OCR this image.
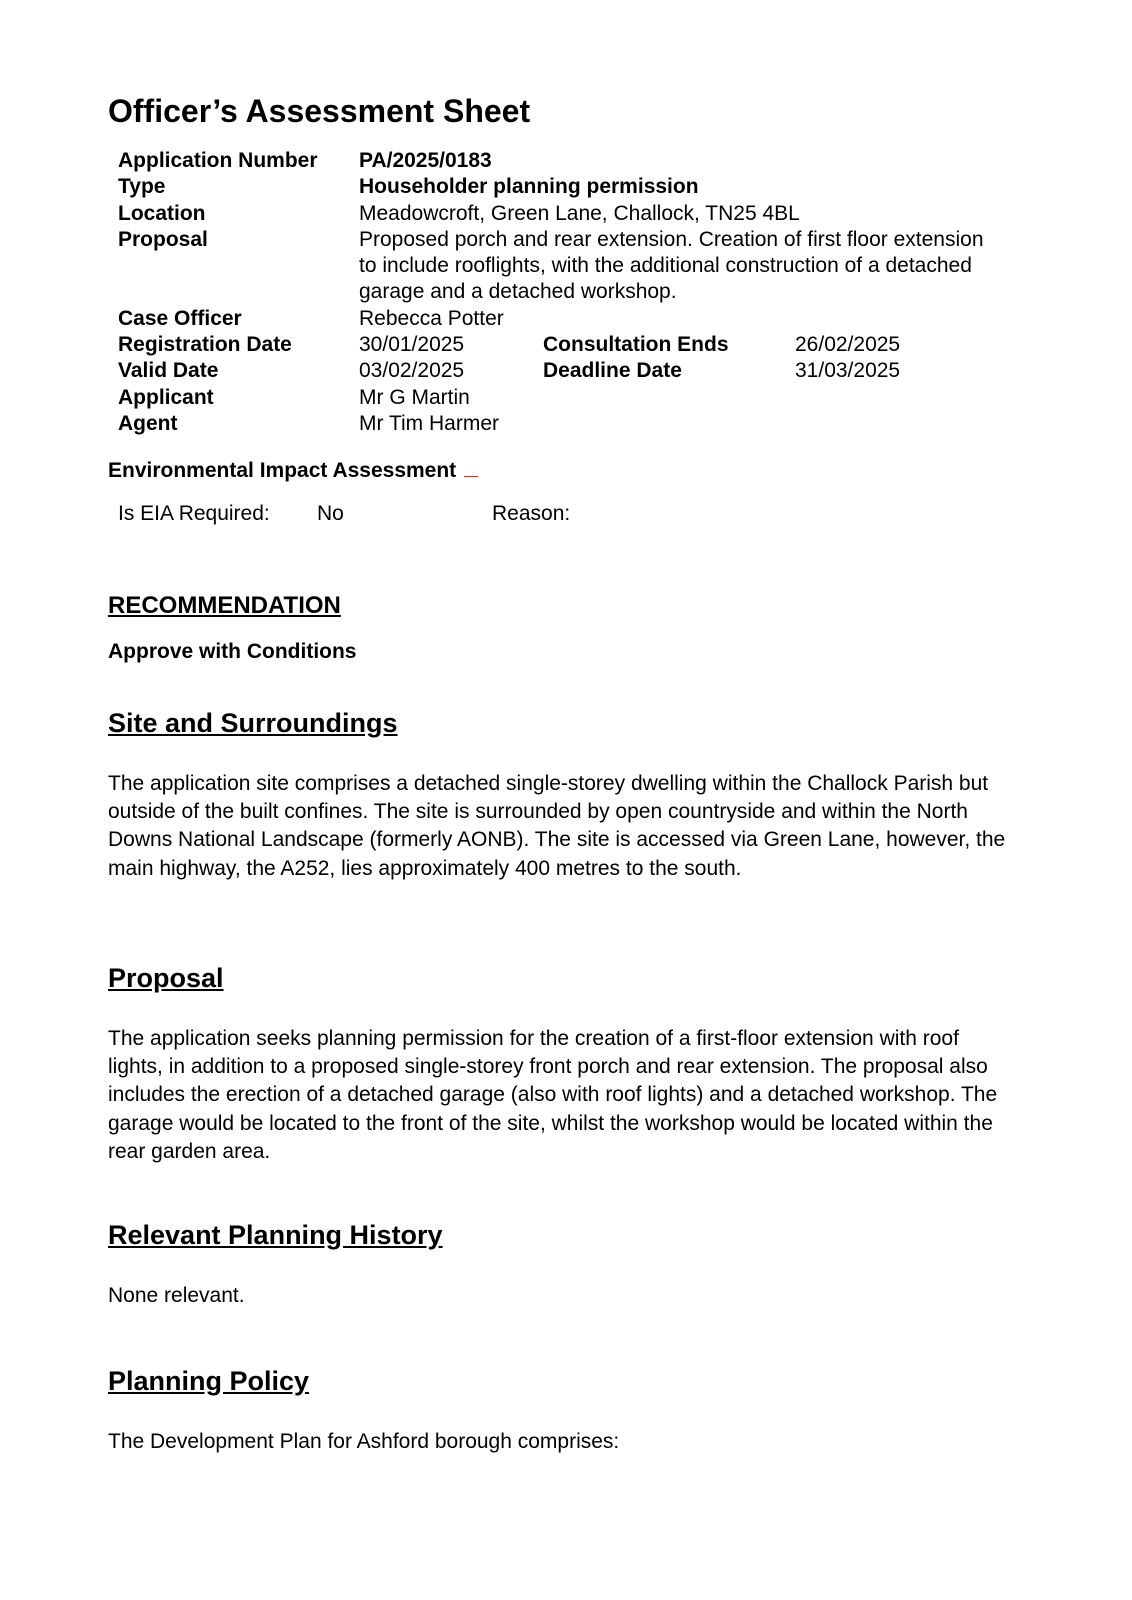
Officer’s Assessment Sheet
Application Number PA/2025/0183
Type	Householder planning permission
Location	Meadowcroft, Green Lane, Challock, TN25 4BL
Proposal	Proposed porch and rear extension. Creation of first floor extension to include rooflights, with the additional construction of a detached garage and a detached workshop.
Case Officer	Rebecca Potter
Registration Date	30/01/2025	Consultation Ends	26/02/2025
Valid Date	03/02/2025	Deadline Date	31/03/2025
Applicant	Mr G Martin
Agent	Mr Tim Harmer
Environmental Impact Assessment
Is EIA Required: No	Reason:
RECOMMENDATION
Approve with Conditions
Site and Surroundings

The application site comprises a detached single-storey dwelling within the Challock Parish but outside of the built confines. The site is surrounded by open countryside and within the North Downs National Landscape (formerly AONB). The site is accessed via Green Lane, however, the main highway, the A252, lies approximately 400 metres to the south.

Proposal

The application seeks planning permission for the creation of a first-floor extension with roof lights, in addition to a proposed single-storey front porch and rear extension. The proposal also includes the erection of a detached garage (also with roof lights) and a detached workshop. The garage would be located to the front of the site, whilst the workshop would be located within the rear garden area.

Relevant Planning History

None relevant.

Planning Policy

The Development Plan for Ashford borough comprises:
